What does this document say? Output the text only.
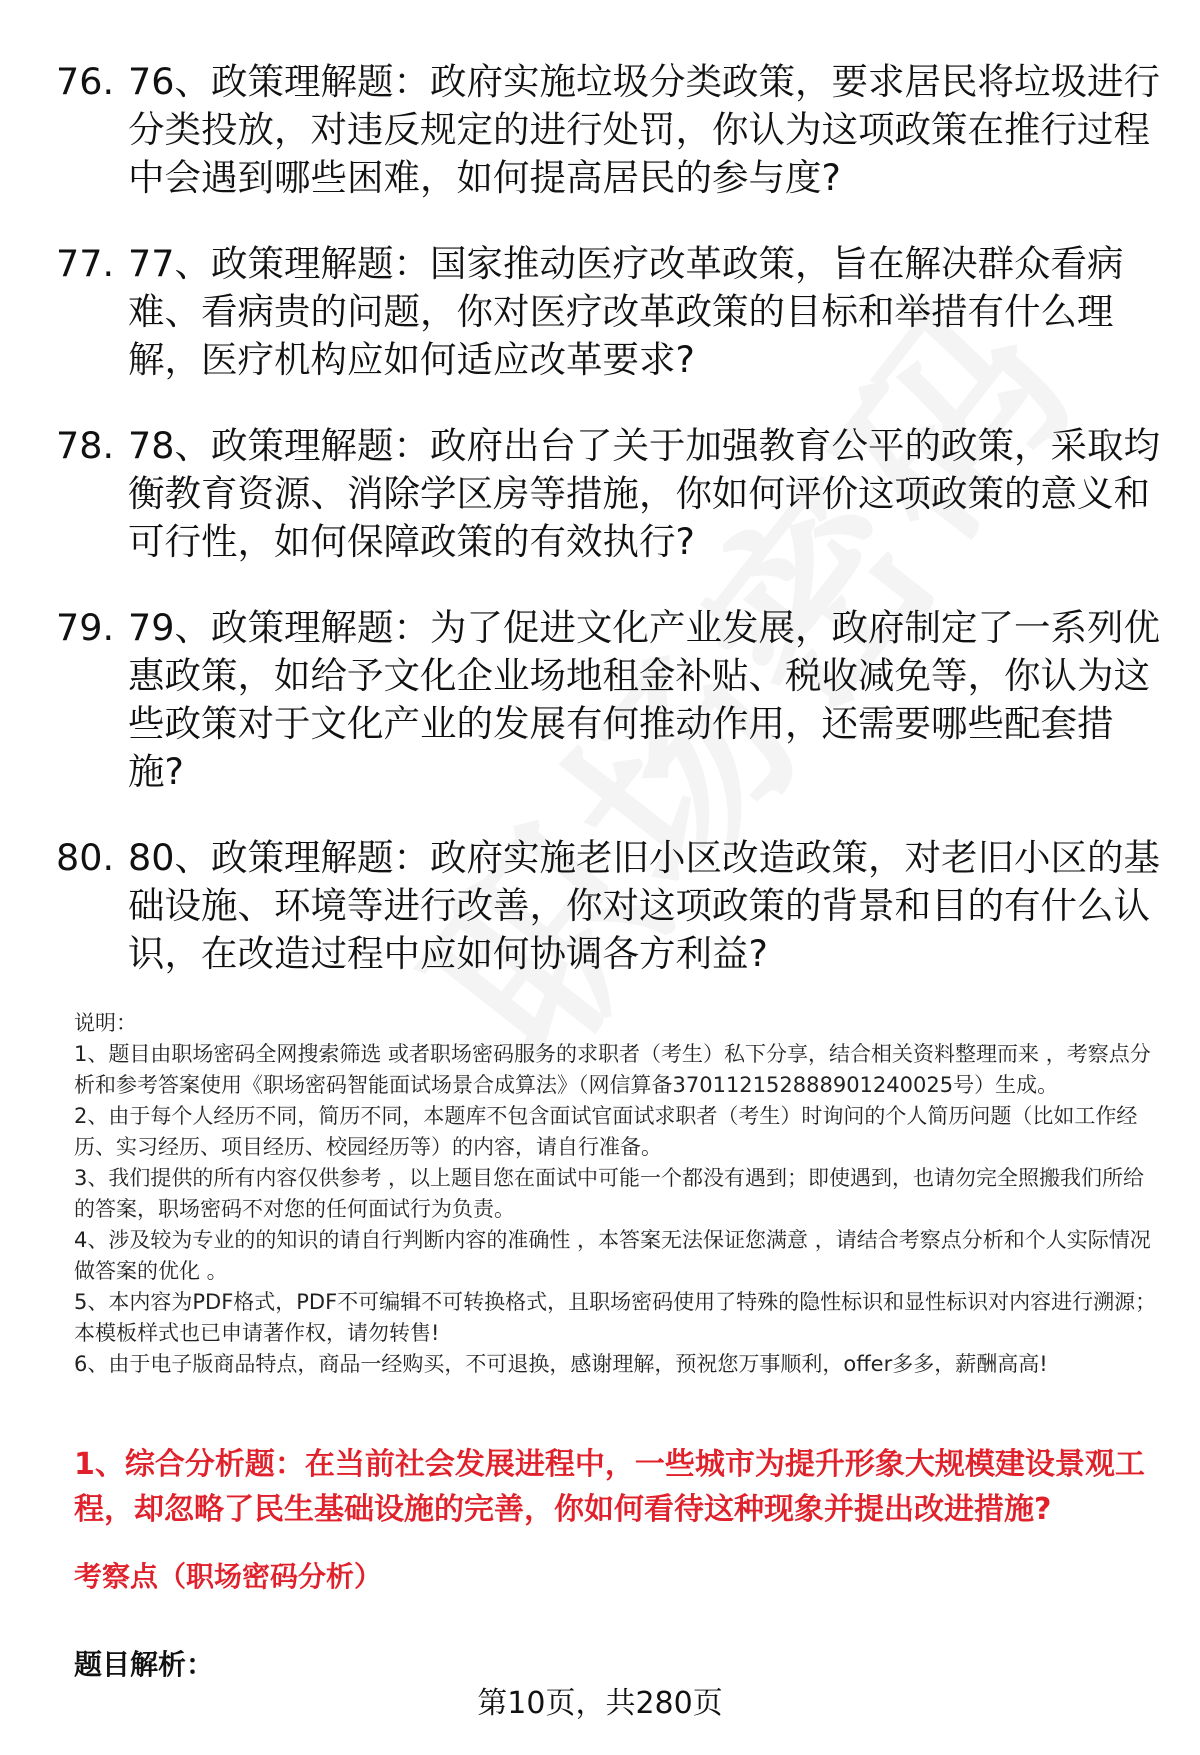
76. 76、政策理解题：政府实施垃圾分类政策，要求居民将垃圾进行分类投放，对违反规定的进行处罚，你认为这项政策在推行过程中会遇到哪些困难，如何提高居民的参与度?
77. 77、政策理解题：国家推动医疗改革政策，旨在解决群众看病难、看病贵的问题，你对医疗改革政策的目标和举措有什么理解，医疗机构应如何适应改革要求?
78. 78、政策理解题：政府出台了关于加强教育公平的政策，采取均衡教育资源、消除学区房等措施，你如何评价这项政策的意义和可行性，如何保障政策的有效执行?
79. 79、政策理解题：为了促进文化产业发展，政府制定了一系列优惠政策，如给予文化企业场地租金补贴、税收减免等，你认为这些政策对于文化产业的发展有何推动作用，还需要哪些配套措施?
80. 80、政策理解题：政府实施老旧小区改造政策，对老旧小区的基础设施、环境等进行改善，你对这项政策的背景和目的有什么认识，在改造过程中应如何协调各方利益?

说明：

1、题目由职场密码全网搜索筛选 或者职场密码服务的求职者（考生）私下分享，结合相关资料整理而来 ，考察点分析和参考答案使用《职场密码智能面试场景合成算法》（网信算备370112152888901240025号）生成。

2、由于每个人经历不同，简历不同，本题库不包含面试官面试求职者（考生）时询问的个人简历问题（比如工作经历、实习经历、项目经历、校园经历等）的内容，请自行准备。

3、我们提供的所有内容仅供参考 ，以上题目您在面试中可能一个都没有遇到；即使遇到，也请勿完全照搬我们所给的答案，职场密码不对您的任何面试行为负责。

4、涉及较为专业的的知识的请自行判断内容的准确性 ，本答案无法保证您满意 ，请结合考察点分析和个人实际情况做答案的优化 。

5、本内容为PDF格式，PDF不可编辑不可转换格式，且职场密码使用了特殊的隐性标识和显性标识对内容进行溯源；本模板样式也已申请著作权，请勿转售!

6、由于电子版商品特点，商品一经购买，不可退换，感谢理解，预祝您万事顺利，offer多多，薪酬高高!

1、综合分析题：在当前社会发展进程中，一些城市为提升形象大规模建设景观工程，却忽略了民生基础设施的完善，你如何看待这种现象并提出改进措施?

考察点（职场密码分析）

题目解析：

第10页，共280页
